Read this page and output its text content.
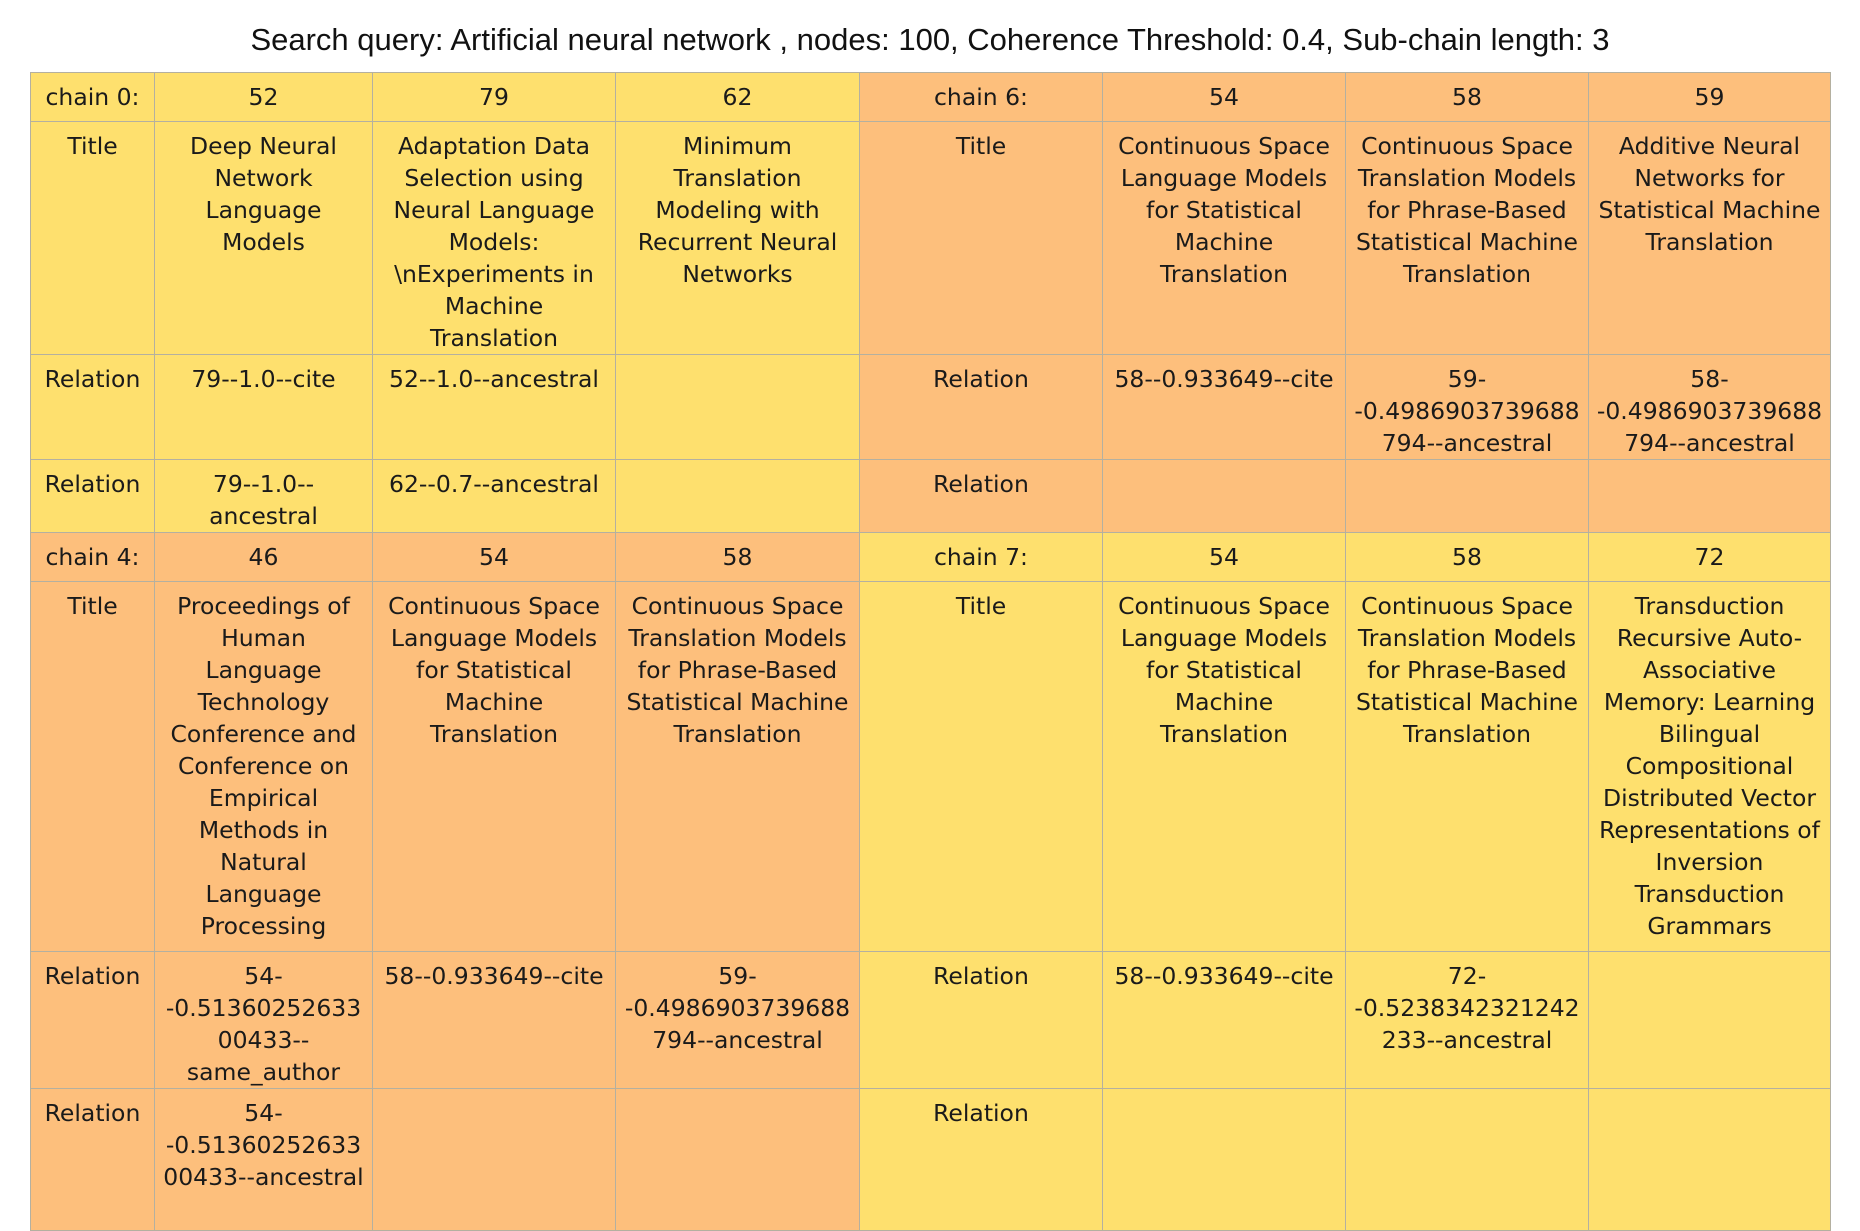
Search query: Artificial neural network , nodes: 100, Coherence Threshold: 0.4, Sub-chain length: 3
chain 0:	52	79	62	chain 6:	54	58	59
Title	Deep Neural Network Language Models	Adaptation Data Selection using Neural Language Models: \nExperiments in Machine Translation	Minimum Translation Modeling with Recurrent Neural Networks	Title	Continuous Space Language Models for Statistical Machine Translation	Continuous Space Translation Models for Phrase-Based Statistical Machine Translation	Additive Neural Networks for Statistical Machine Translation
Relation	79--1.0--cite	52--1.0--ancestral		Relation	58--0.933649--cite	59--0.4986903739688794--ancestral	58--0.4986903739688794--ancestral
Relation	79--1.0--ancestral	62--0.7--ancestral		Relation			
chain 4:	46	54	58	chain 7:	54	58	72
Title	Proceedings of Human Language Technology Conference and Conference on Empirical Methods in Natural Language Processing	Continuous Space Language Models for Statistical Machine Translation	Continuous Space Translation Models for Phrase-Based Statistical Machine Translation	Title	Continuous Space Language Models for Statistical Machine Translation	Continuous Space Translation Models for Phrase-Based Statistical Machine Translation	Transduction Recursive Auto-Associative Memory: Learning Bilingual Compositional Distributed Vector Representations of Inversion Transduction Grammars
Relation	54--0.5136025263300433--same_author	58--0.933649--cite	59--0.4986903739688794--ancestral	Relation	58--0.933649--cite	72--0.5238342321242233--ancestral	
Relation	54--0.5136025263300433--ancestral			Relation			
